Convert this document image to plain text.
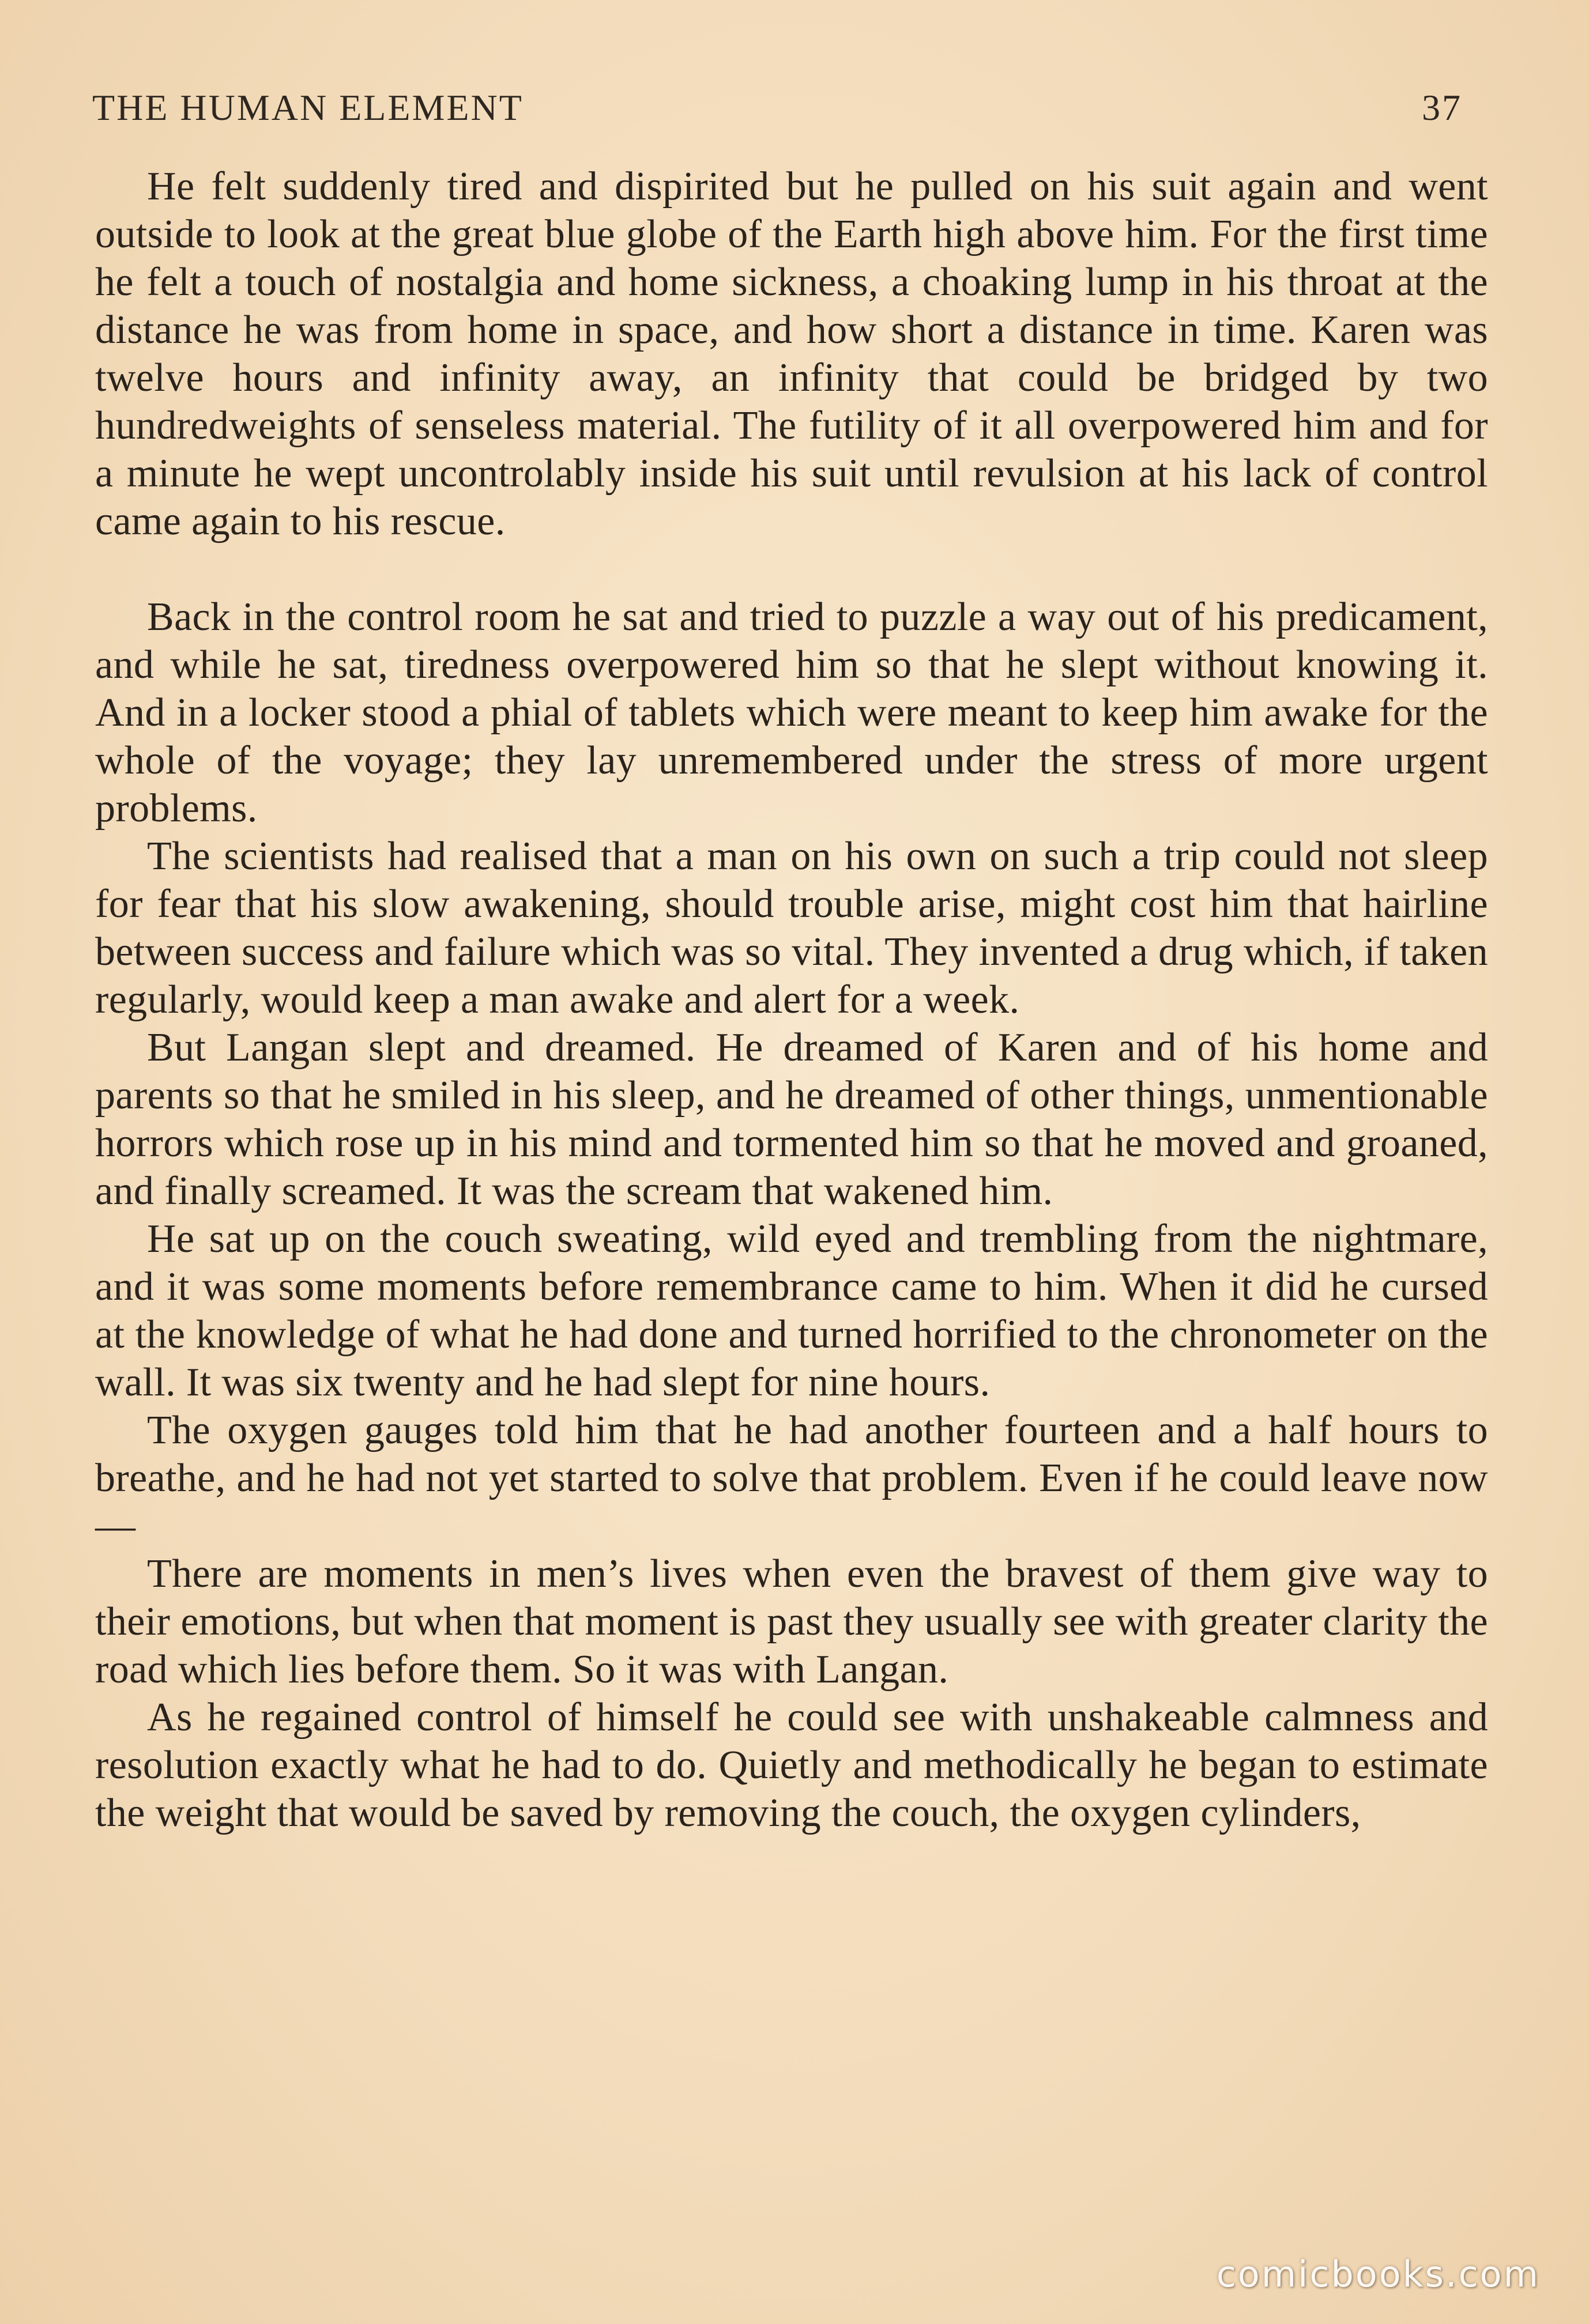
THE HUMAN ELEMENT	37

He felt suddenly tired and dispirited but he pulled on his suit again and went outside to look at the great blue globe of the Earth high above him. For the first time he felt a touch of nostalgia and home sickness, a choaking lump in his throat at the distance he was from home in space, and how short a distance in time. Karen was twelve hours and infinity away, an infinity that could be bridged by two hundredweights of senseless material. The futility of it all overpowered him and for a minute he wept uncontrolably inside his suit until revulsion at his lack of control came again to his rescue.

Back in the control room he sat and tried to puzzle a way out of his predicament, and while he sat, tiredness overpowered him so that he slept without knowing it. And in a locker stood a phial of tablets which were meant to keep him awake for the whole of the voyage; they lay unremembered under the stress of more urgent problems.

The scientists had realised that a man on his own on such a trip could not sleep for fear that his slow awakening, should trouble arise, might cost him that hairline between success and failure which was so vital. They invented a drug which, if taken regularly, would keep a man awake and alert for a week.

But Langan slept and dreamed. He dreamed of Karen and of his home and parents so that he smiled in his sleep, and he dreamed of other things, unmentionable horrors which rose up in his mind and tormented him so that he moved and groaned, and finally screamed. It was the scream that wakened him.

He sat up on the couch sweating, wild eyed and trembling from the nightmare, and it was some moments before remembrance came to him. When it did he cursed at the knowledge of what he had done and turned horrified to the chronometer on the wall. It was six twenty and he had slept for nine hours.

The oxygen gauges told him that he had another fourteen and a half hours to breathe, and he had not yet started to solve that problem. Even if he could leave now—

There are moments in men’s lives when even the bravest of them give way to their emotions, but when that moment is past they usually see with greater clarity the road which lies before them. So it was with Langan.

As he regained control of himself he could see with unshakeable calmness and resolution exactly what he had to do. Quietly and methodically he began to estimate the weight that would be saved by removing the couch, the oxygen cylinders,

comicbooks.com
